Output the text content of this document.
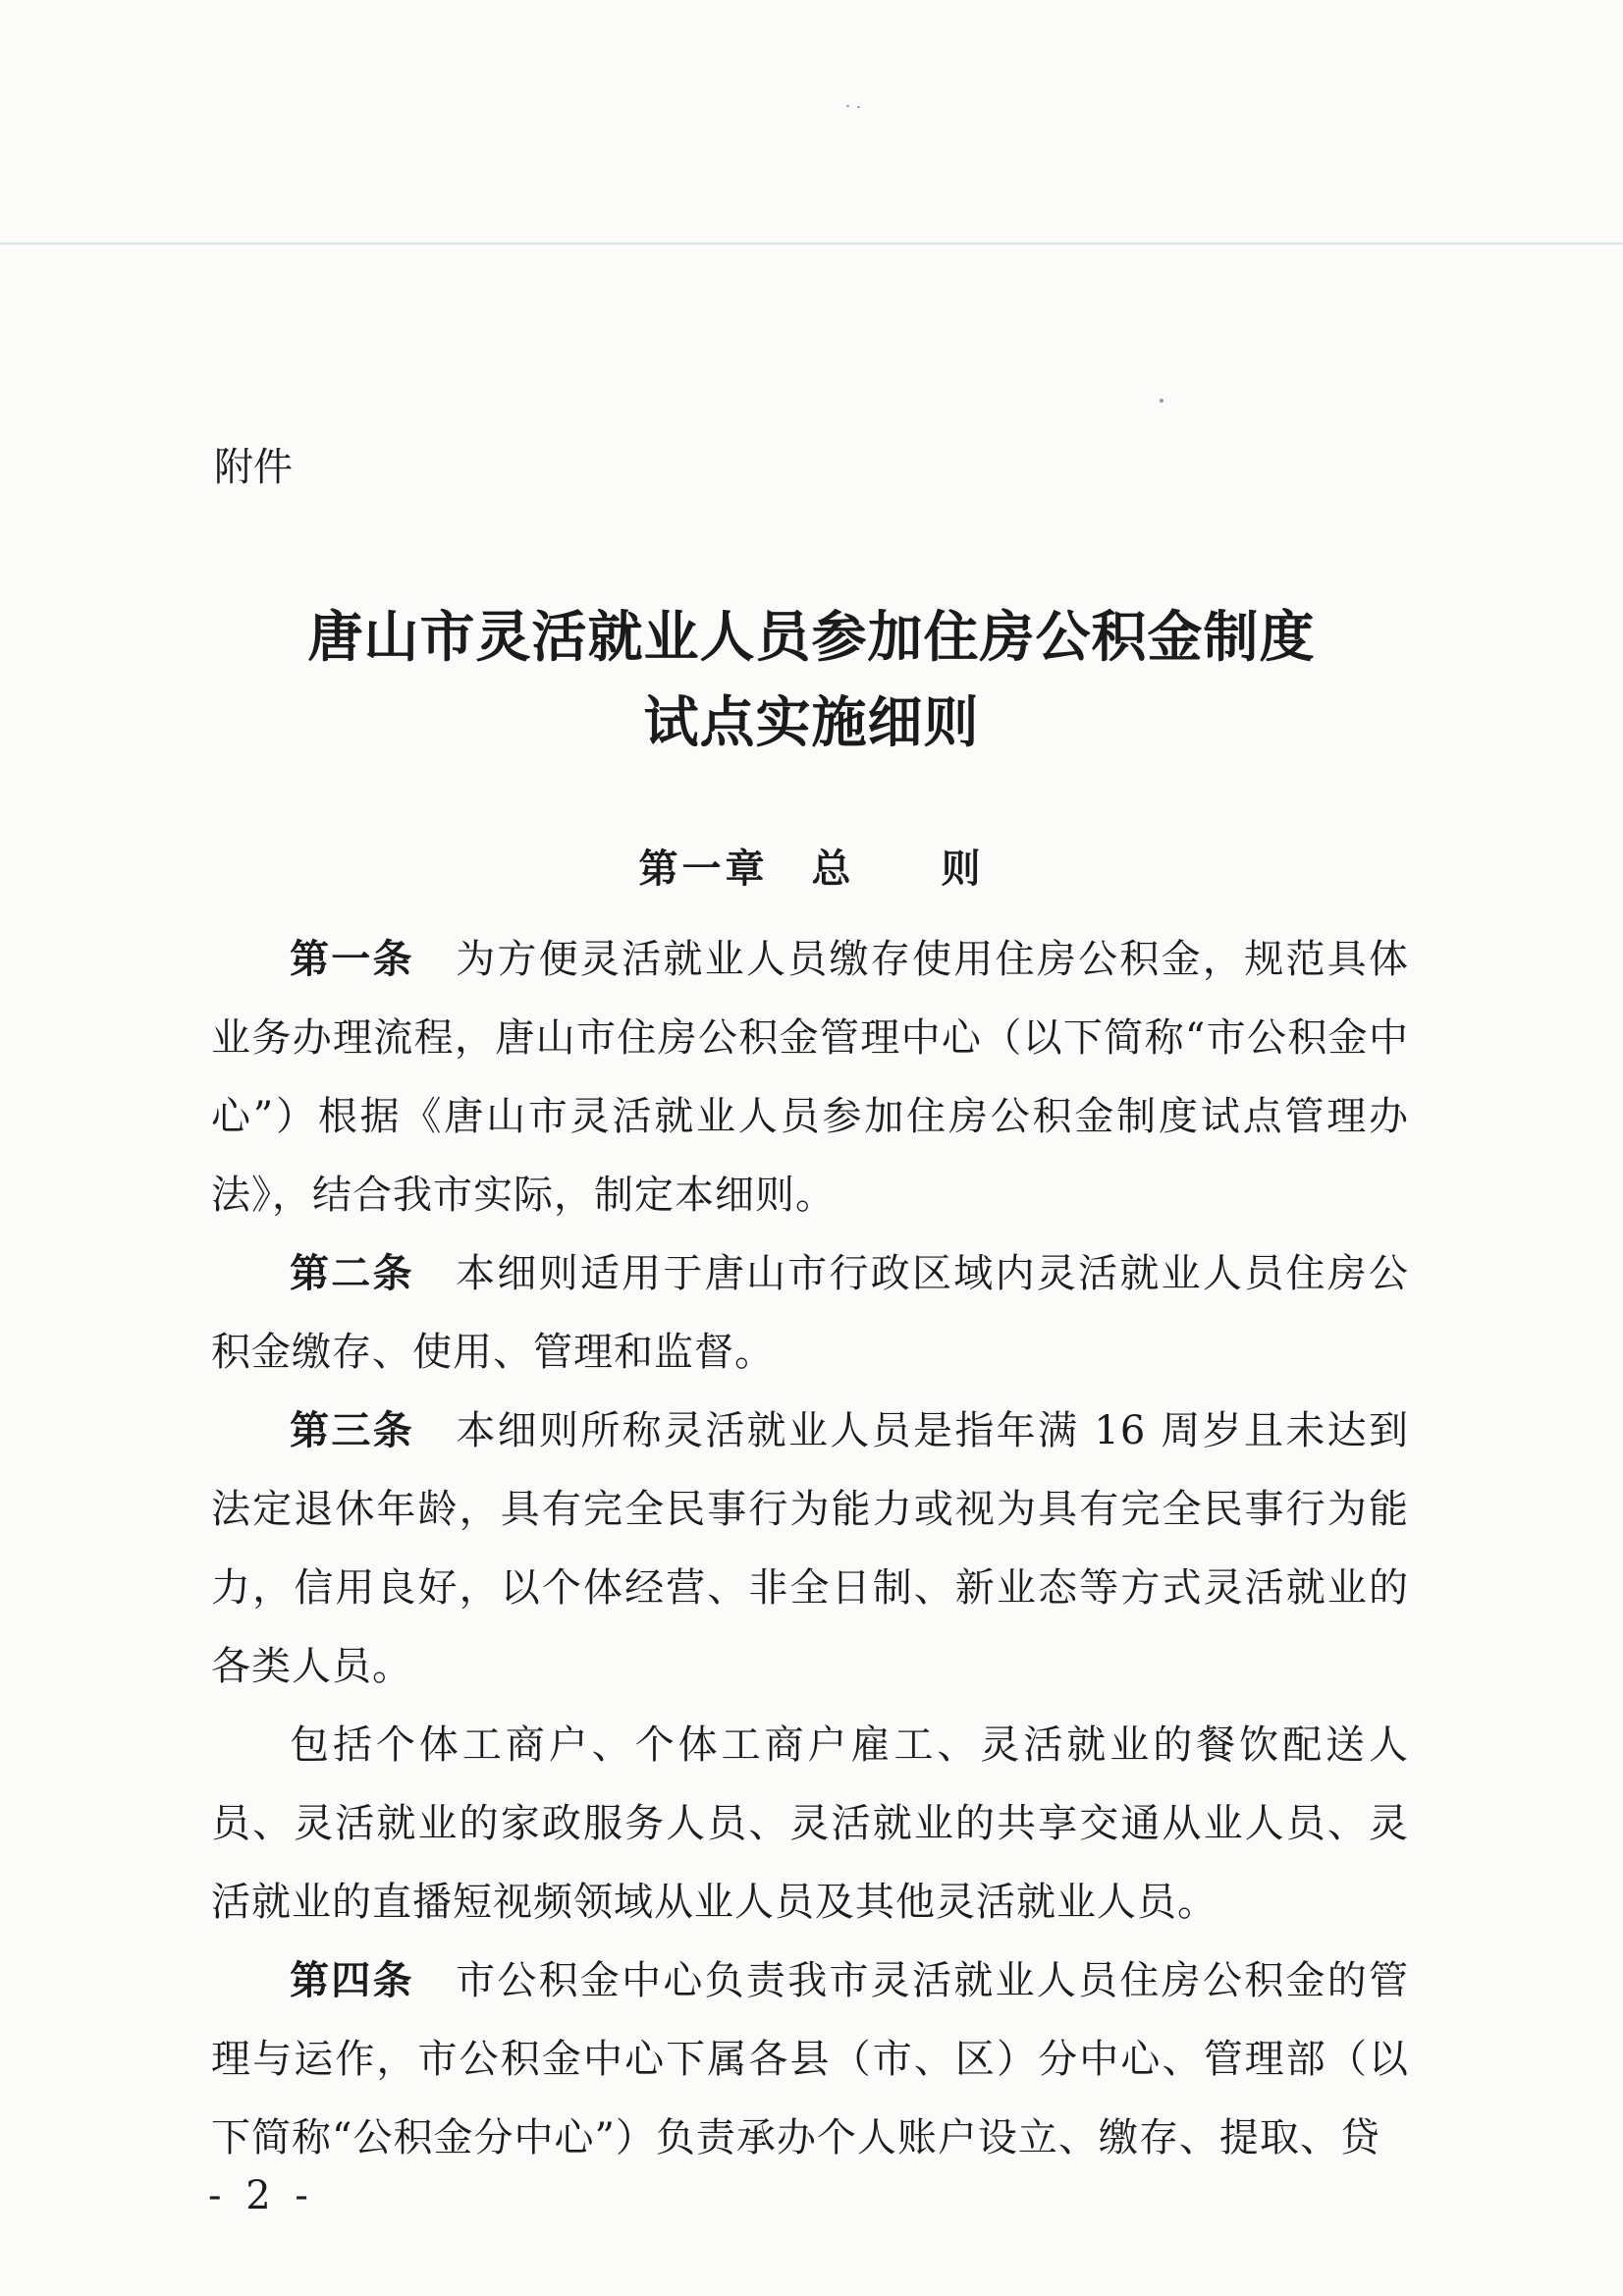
附件

唐山市灵活就业人员参加住房公积金制度
试点实施细则
第一章　总　　则

第一条　为方便灵活就业人员缴存使用住房公积金，规范具体业务办理流程，唐山市住房公积金管理中心（以下简称“市公积金中心”）根据《唐山市灵活就业人员参加住房公积金制度试点管理办法》，结合我市实际，制定本细则。

第二条　本细则适用于唐山市行政区域内灵活就业人员住房公积金缴存、使用、管理和监督。

第三条　本细则所称灵活就业人员是指年满 16 周岁且未达到法定退休年龄，具有完全民事行为能力或视为具有完全民事行为能力，信用良好，以个体经营、非全日制、新业态等方式灵活就业的各类人员。

包括个体工商户、个体工商户雇工、灵活就业的餐饮配送人员、灵活就业的家政服务人员、灵活就业的共享交通从业人员、灵活就业的直播短视频领域从业人员及其他灵活就业人员。

第四条　市公积金中心负责我市灵活就业人员住房公积金的管理与运作，市公积金中心下属各县（市、区）分中心、管理部（以下简称“公积金分中心”）负责承办个人账户设立、缴存、提取、贷

- 2 -
